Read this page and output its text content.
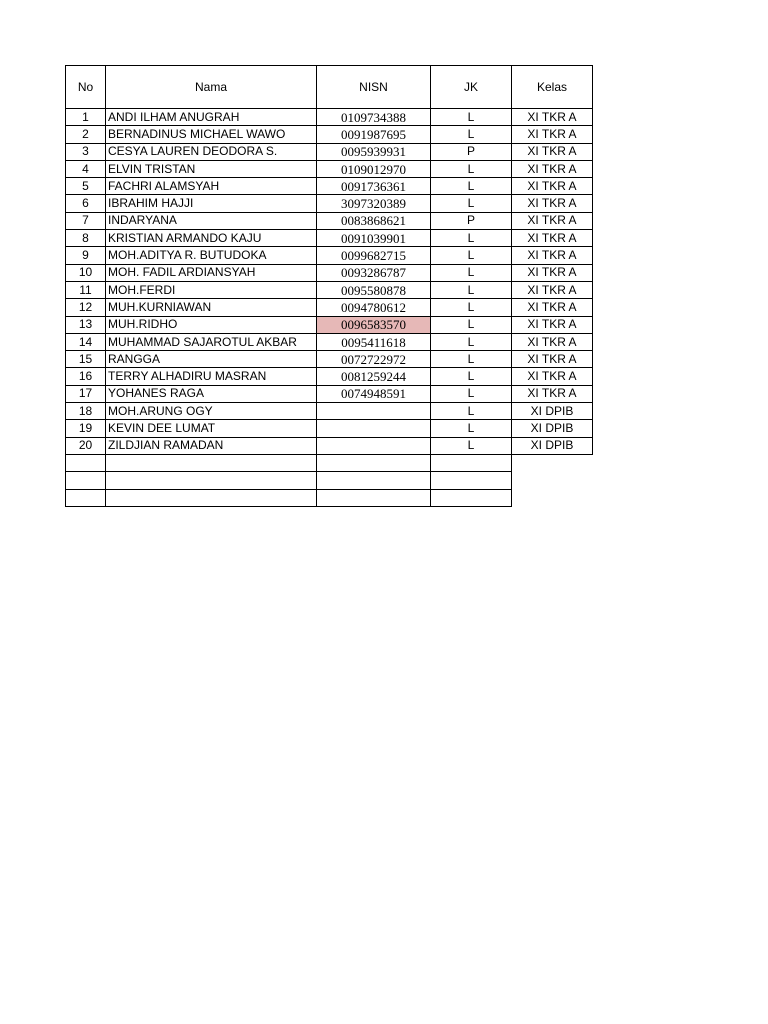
No	Nama	NISN	JK	Kelas
1	ANDI ILHAM ANUGRAH	0109734388	L	XI TKR A
2	BERNADINUS MICHAEL WAWO	0091987695	L	XI TKR A
3	CESYA LAUREN DEODORA S.	0095939931	P	XI TKR A
4	ELVIN TRISTAN	0109012970	L	XI TKR A
5	FACHRI ALAMSYAH	0091736361	L	XI TKR A
6	IBRAHIM HAJJI	3097320389	L	XI TKR A
7	INDARYANA	0083868621	P	XI TKR A
8	KRISTIAN ARMANDO KAJU	0091039901	L	XI TKR A
9	MOH.ADITYA R. BUTUDOKA	0099682715	L	XI TKR A
10	MOH. FADIL ARDIANSYAH	0093286787	L	XI TKR A
11	MOH.FERDI	0095580878	L	XI TKR A
12	MUH.KURNIAWAN	0094780612	L	XI TKR A
13	MUH.RIDHO	0096583570	L	XI TKR A
14	MUHAMMAD SAJAROTUL AKBAR	0095411618	L	XI TKR A
15	RANGGA	0072722972	L	XI TKR A
16	TERRY ALHADIRU MASRAN	0081259244	L	XI TKR A
17	YOHANES RAGA	0074948591	L	XI TKR A
18	MOH.ARUNG OGY		L	XI DPIB
19	KEVIN DEE LUMAT		L	XI DPIB
20	ZILDJIAN RAMADAN		L	XI DPIB
